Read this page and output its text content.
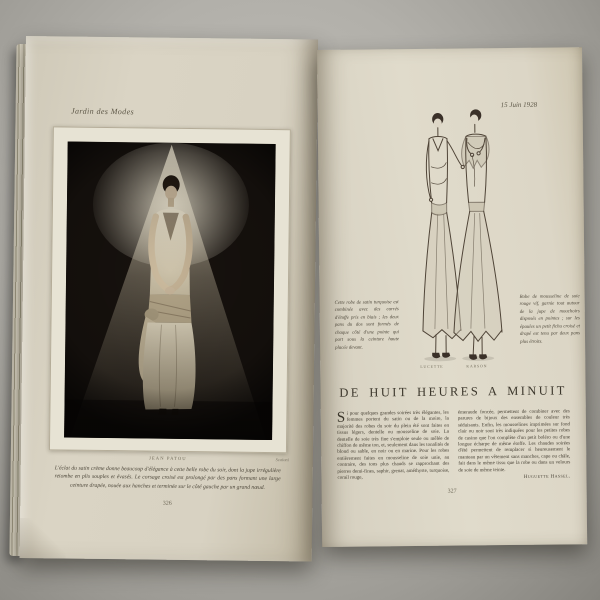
Jardin des Modes
JEAN PATOU	Scaioni
L'éclat du satin crème donne beaucoup d'élégance à cette belle robe du soir, dont la jupe irrégulière retombe en plis souples et évasés. Le corsage croisé est prolongé par des pans formant une large ceinture drapée, nouée aux hanches et terminée sur le côté gauche par un grand nœud.
326
15 Juin 1928
Cette robe de satin turquoise est combinée avec des carrés d'étoffe pris en biais ; les deux pans du dos sont formés de chaque côté d'une pointe qui part sous la ceinture haute placée devant.
Robe de mousseline de soie rouge vif, garnie tout autour de la jupe de mouchoirs disposés en pointes ; sur les épaules un petit fichu croisé et drapé est tenu par deux pans plus étroits.
LUCETTE	KARSON
DE HUIT HEURES A MINUIT
Si pour quelques grandes soirées très élégantes, les femmes portent du satin ou de la moire, la majorité des robes du soir du plein été sont faites en tissus légers, dentelle ou mousseline de soie. La dentelle de soie très fine s'emploie seule ou mêlée de chiffon de même ton, et, seulement dans les tonalités de blond ou sable, en noir ou en marine. Pour les robes entièrement faites en mousseline de soie unie, au contraire, des tons plus chauds se rapprochant des pierres demi-fines, saphir, grenat, améthyste, turquoise, corail rouge,
émeraude foncée, permettent de combiner avec des parures de bijoux des ensembles de couleur très séduisants. Enfin, les mousselines imprimées sur fond clair ou noir sont très indiquées pour les petites robes de casino que l'on complète d'un petit boléro ou d'une longue écharpe de même étoffe. Les chaudes soirées d'été permettent de remplacer si heureusement le manteau par un vêtement sans manches, cape ou châle, fait dans le même tissu que la robe ou dans un velours de soie de même teinte.
Huguette Hassel.
327
